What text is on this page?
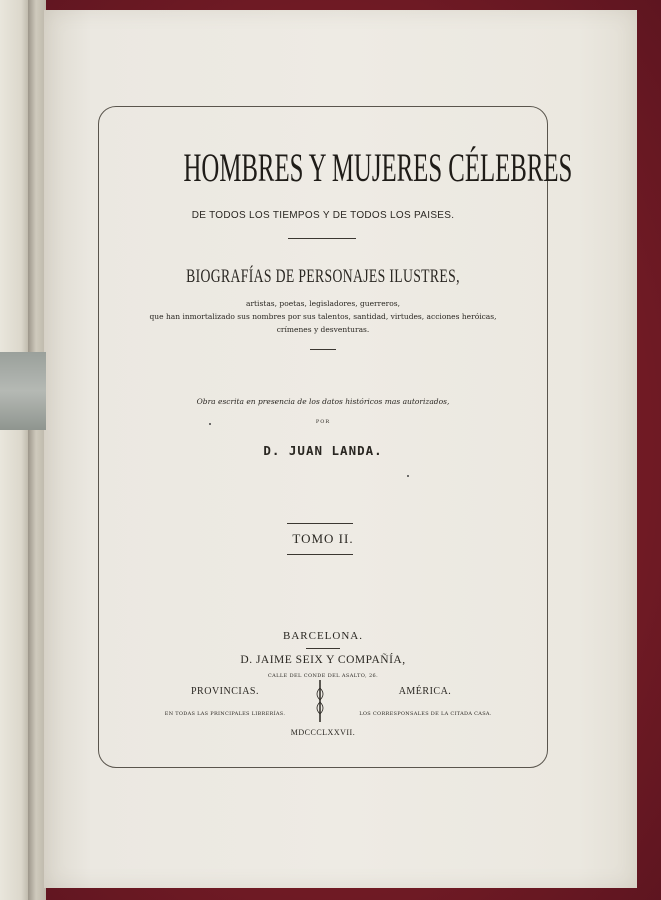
HOMBRES Y MUJERES CÉLEBRES
DE TODOS LOS TIEMPOS Y DE TODOS LOS PAISES.
BIOGRAFÍAS DE PERSONAJES ILUSTRES,
artistas, poetas, legisladores, guerreros,
que han inmortalizado sus nombres por sus talentos, santidad, virtudes, acciones heróicas,
crímenes y desventuras.
Obra escrita en presencia de los datos históricos mas autorizados,
POR
D. JUAN LANDA.
TOMO II.
BARCELONA.
D. JAIME SEIX Y COMPAÑÍA,
CALLE DEL CONDE DEL ASALTO, 26.
PROVINCIAS.
EN TODAS LAS PRINCIPALES LIBRERÍAS.
AMÉRICA.
LOS CORRESPONSALES DE LA CITADA CASA.
MDCCCLXXVII.
